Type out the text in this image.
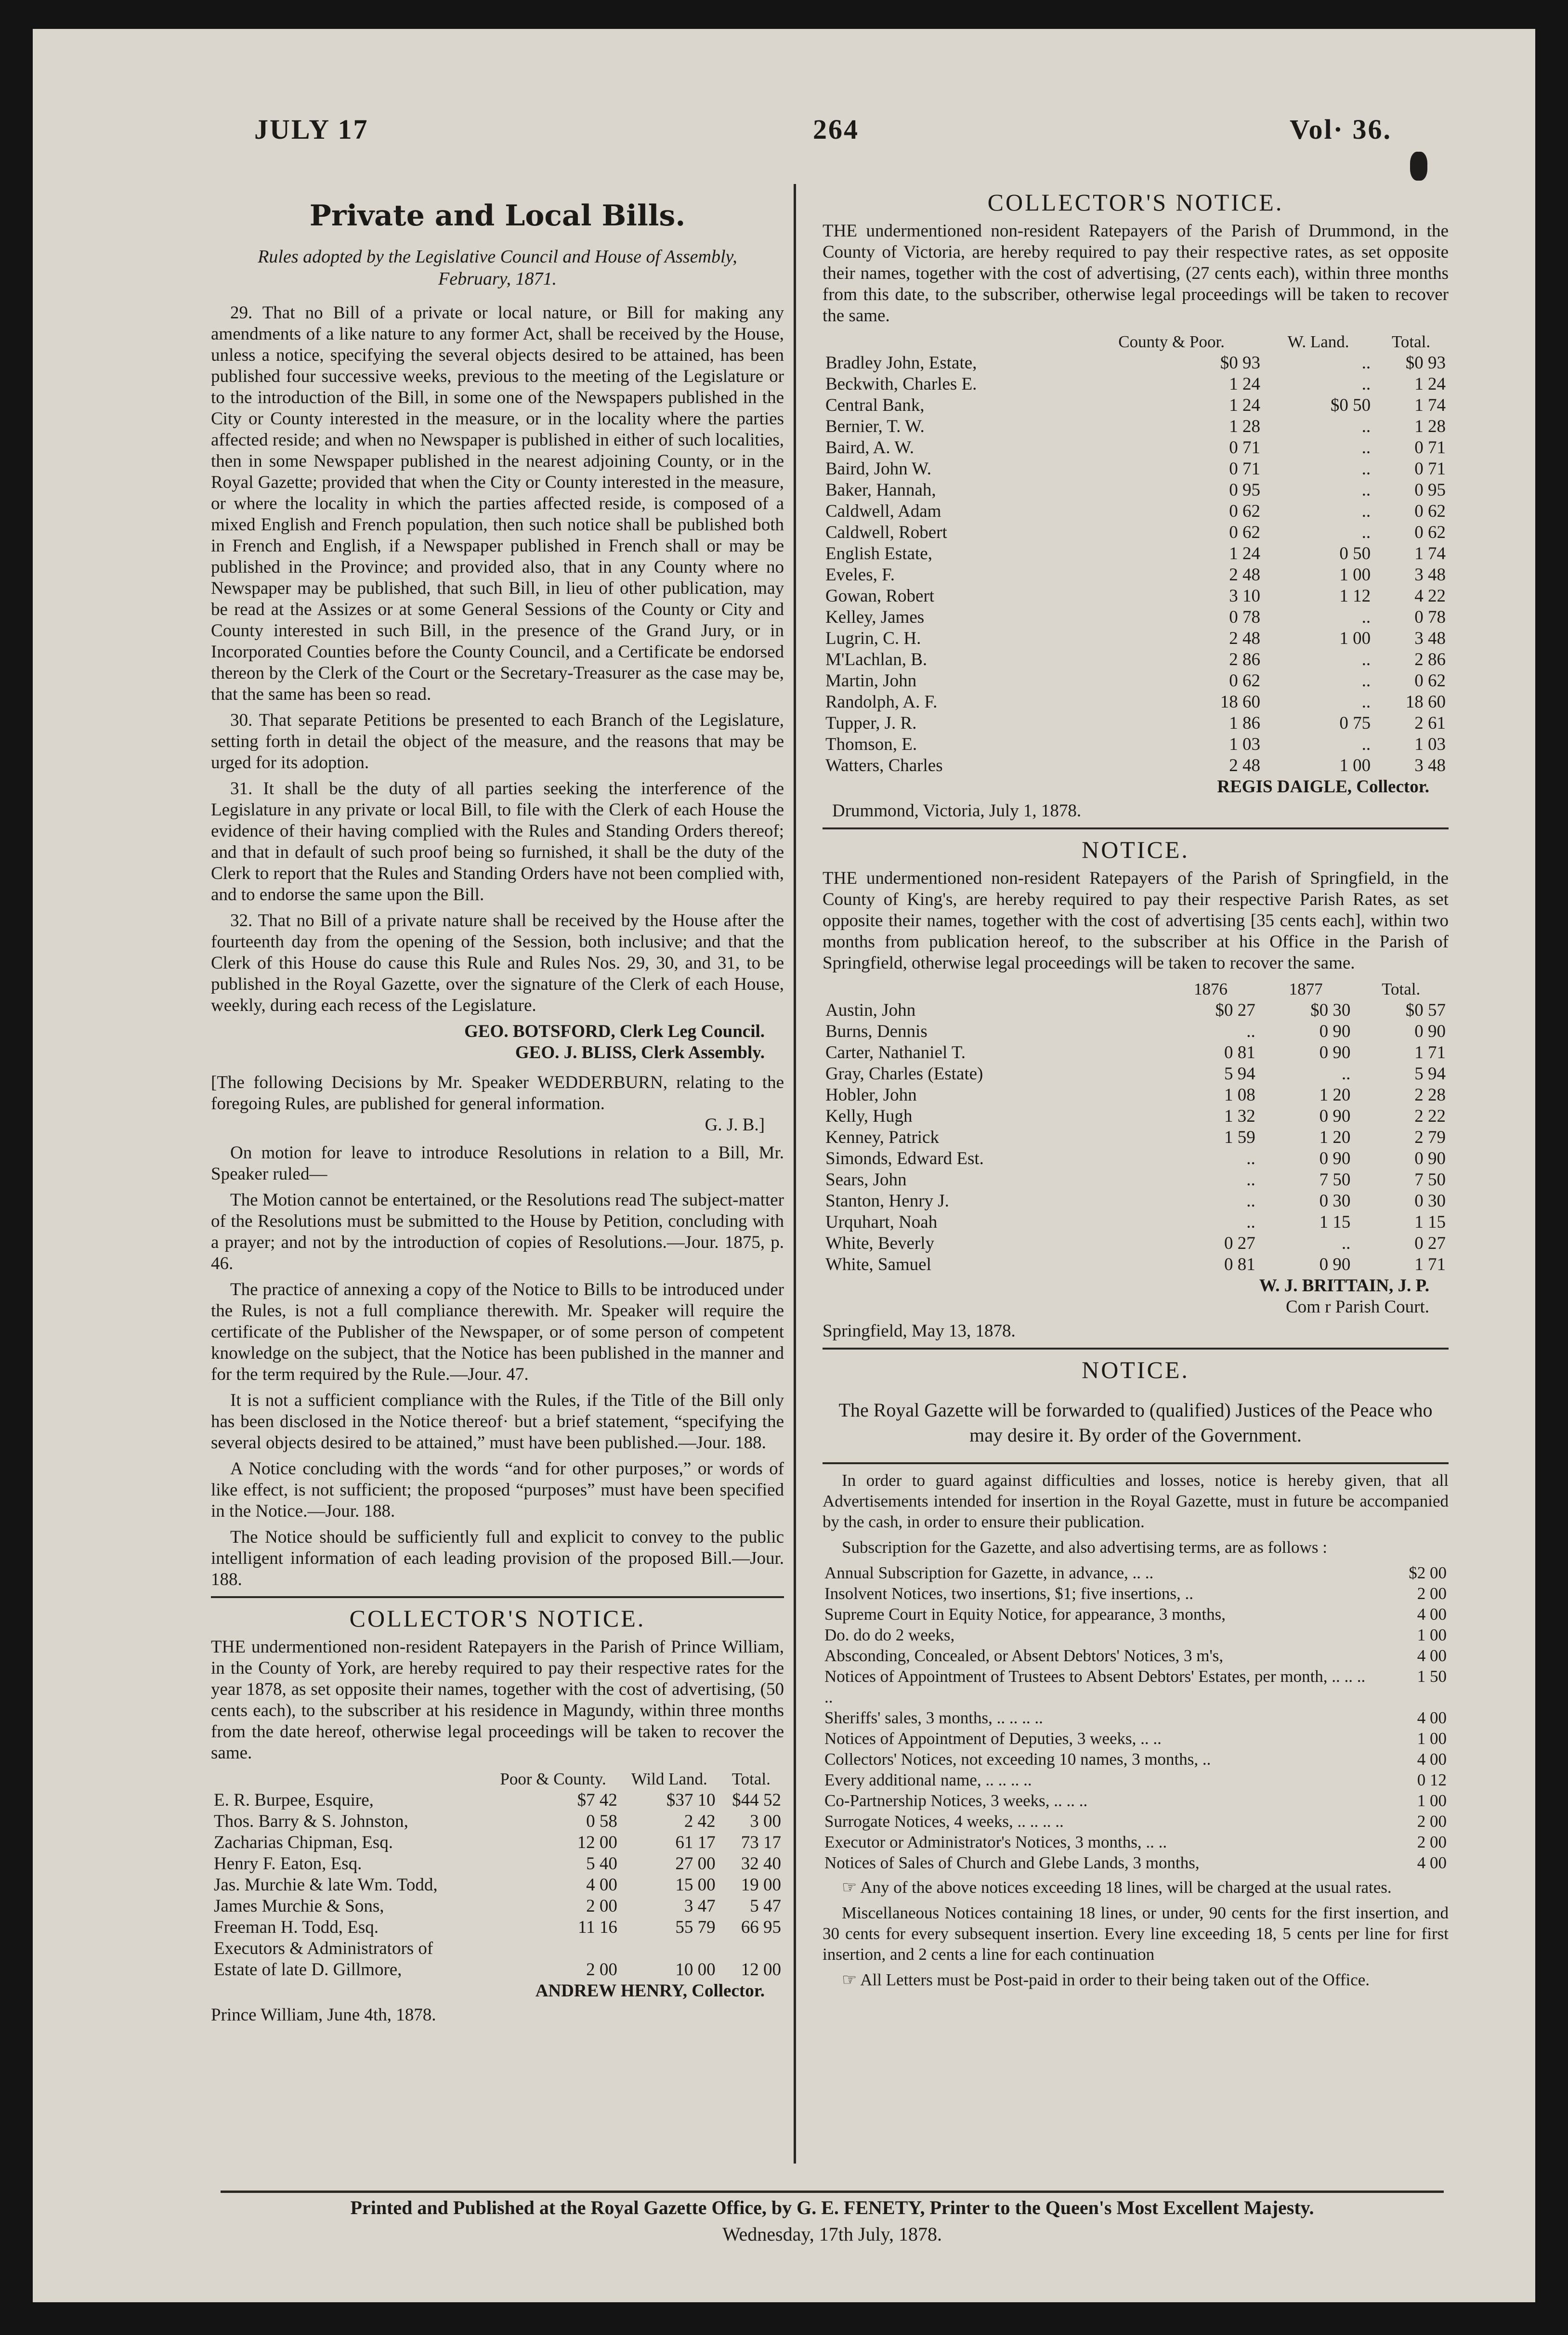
JULY 17	264	Vol· 36.
Private and Local Bills.
Rules adopted by the Legislative Council and House of Assembly, February, 1871.

29. That no Bill of a private or local nature, or Bill for making any amendments of a like nature to any former Act, shall be received by the House, unless a notice, specifying the several objects desired to be attained, has been published four successive weeks, previous to the meeting of the Legislature or to the introduction of the Bill, in some one of the Newspapers published in the City or County interested in the measure, or in the locality where the parties affected reside; and when no Newspaper is published in either of such localities, then in some Newspaper published in the nearest adjoining County, or in the Royal Gazette; provided that when the City or County interested in the measure, or where the locality in which the parties affected reside, is composed of a mixed English and French population, then such notice shall be published both in French and English, if a Newspaper published in French shall or may be published in the Province; and provided also, that in any County where no Newspaper may be published, that such Bill, in lieu of other publication, may be read at the Assizes or at some General Sessions of the County or City and County interested in such Bill, in the presence of the Grand Jury, or in Incorporated Counties before the County Council, and a Certificate be endorsed thereon by the Clerk of the Court or the Secretary-Treasurer as the case may be, that the same has been so read.

30. That separate Petitions be presented to each Branch of the Legislature, setting forth in detail the object of the measure, and the reasons that may be urged for its adoption.

31. It shall be the duty of all parties seeking the interference of the Legislature in any private or local Bill, to file with the Clerk of each House the evidence of their having complied with the Rules and Standing Orders thereof; and that in default of such proof being so furnished, it shall be the duty of the Clerk to report that the Rules and Standing Orders have not been complied with, and to endorse the same upon the Bill.

32. That no Bill of a private nature shall be received by the House after the fourteenth day from the opening of the Session, both inclusive; and that the Clerk of this House do cause this Rule and Rules Nos. 29, 30, and 31, to be published in the Royal Gazette, over the signature of the Clerk of each House, weekly, during each recess of the Legislature.

GEO. BOTSFORD, Clerk Leg Council.
GEO. J. BLISS, Clerk Assembly.

[The following Decisions by Mr. Speaker WEDDERBURN, relating to the foregoing Rules, are published for general information.

G. J. B.]

On motion for leave to introduce Resolutions in relation to a Bill, Mr. Speaker ruled—

The Motion cannot be entertained, or the Resolutions read The subject-matter of the Resolutions must be submitted to the House by Petition, concluding with a prayer; and not by the introduction of copies of Resolutions.—Jour. 1875, p. 46.

The practice of annexing a copy of the Notice to Bills to be introduced under the Rules, is not a full compliance therewith. Mr. Speaker will require the certificate of the Publisher of the Newspaper, or of some person of competent knowledge on the subject, that the Notice has been published in the manner and for the term required by the Rule.—Jour. 47.

It is not a sufficient compliance with the Rules, if the Title of the Bill only has been disclosed in the Notice thereof· but a brief statement, “specifying the several objects desired to be attained,” must have been published.—Jour. 188.

A Notice concluding with the words “and for other purposes,” or words of like effect, is not sufficient; the proposed “purposes” must have been specified in the Notice.—Jour. 188.

The Notice should be sufficiently full and explicit to convey to the public intelligent information of each leading provision of the proposed Bill.—Jour. 188.

COLLECTOR'S NOTICE.

THE undermentioned non-resident Ratepayers in the Parish of Prince William, in the County of York, are hereby required to pay their respective rates for the year 1878, as set opposite their names, together with the cost of advertising, (50 cents each), to the subscriber at his residence in Magundy, within three months from the date hereof, otherwise legal proceedings will be taken to recover the same.

	Poor & County.	Wild Land.	Total.
E. R. Burpee, Esquire,	$7 42	$37 10	$44 52
Thos. Barry & S. Johnston,	0 58	2 42	3 00
Zacharias Chipman, Esq.	12 00	61 17	73 17
Henry F. Eaton, Esq.	5 40	27 00	32 40
Jas. Murchie & late Wm. Todd,	4 00	15 00	19 00
James Murchie & Sons,	2 00	3 47	5 47
Freeman H. Todd, Esq.	11 16	55 79	66 95
Executors & Administrators of			
Estate of late D. Gillmore,	2 00	10 00	12 00
ANDREW HENRY, Collector.
Prince William, June 4th, 1878.
COLLECTOR'S NOTICE.

THE undermentioned non-resident Ratepayers of the Parish of Drummond, in the County of Victoria, are hereby required to pay their respective rates, as set opposite their names, together with the cost of advertising, (27 cents each), within three months from this date, to the subscriber, otherwise legal proceedings will be taken to recover the same.

	County & Poor.	W. Land.	Total.
Bradley John, Estate,	$0 93	..	$0 93
Beckwith, Charles E.	1 24	..	1 24
Central Bank,	1 24	$0 50	1 74
Bernier, T. W.	1 28	..	1 28
Baird, A. W.	0 71	..	0 71
Baird, John W.	0 71	..	0 71
Baker, Hannah,	0 95	..	0 95
Caldwell, Adam	0 62	..	0 62
Caldwell, Robert	0 62	..	0 62
English Estate,	1 24	0 50	1 74
Eveles, F.	2 48	1 00	3 48
Gowan, Robert	3 10	1 12	4 22
Kelley, James	0 78	..	0 78
Lugrin, C. H.	2 48	1 00	3 48
M'Lachlan, B.	2 86	..	2 86
Martin, John	0 62	..	0 62
Randolph, A. F.	18 60	..	18 60
Tupper, J. R.	1 86	0 75	2 61
Thomson, E.	1 03	..	1 03
Watters, Charles	2 48	1 00	3 48
REGIS DAIGLE, Collector.
Drummond, Victoria, July 1, 1878.
NOTICE.

THE undermentioned non-resident Ratepayers of the Parish of Springfield, in the County of King's, are hereby required to pay their respective Parish Rates, as set opposite their names, together with the cost of advertising [35 cents each], within two months from publication hereof, to the subscriber at his Office in the Parish of Springfield, otherwise legal proceedings will be taken to recover the same.

	1876	1877	Total.
Austin, John	$0 27	$0 30	$0 57
Burns, Dennis	..	0 90	0 90
Carter, Nathaniel T.	0 81	0 90	1 71
Gray, Charles (Estate)	5 94	..	5 94
Hobler, John	1 08	1 20	2 28
Kelly, Hugh	1 32	0 90	2 22
Kenney, Patrick	1 59	1 20	2 79
Simonds, Edward Est.	..	0 90	0 90
Sears, John	..	7 50	7 50
Stanton, Henry J.	..	0 30	0 30
Urquhart, Noah	..	1 15	1 15
White, Beverly	0 27	..	0 27
White, Samuel	0 81	0 90	1 71
W. J. BRITTAIN, J. P.
Com r Parish Court.
Springfield, May 13, 1878.
NOTICE.
The Royal Gazette will be forwarded to (qualified) Justices of the Peace who may desire it. By order of the Government.

In order to guard against difficulties and losses, notice is hereby given, that all Advertisements intended for insertion in the Royal Gazette, must in future be accompanied by the cash, in order to ensure their publication.

Subscription for the Gazette, and also advertising terms, are as follows :

Annual Subscription for Gazette, in advance, .. ..	$2 00
Insolvent Notices, two insertions, $1; five insertions, ..	2 00
Supreme Court in Equity Notice, for appearance, 3 months,	4 00
Do. do do 2 weeks,	1 00
Absconding, Concealed, or Absent Debtors' Notices, 3 m's,	4 00
Notices of Appointment of Trustees to Absent Debtors' Estates, per month, .. .. .. ..	1 50
Sheriffs' sales, 3 months, .. .. .. ..	4 00
Notices of Appointment of Deputies, 3 weeks, .. ..	1 00
Collectors' Notices, not exceeding 10 names, 3 months, ..	4 00
Every additional name, .. .. .. ..	0 12
Co-Partnership Notices, 3 weeks, .. .. ..	1 00
Surrogate Notices, 4 weeks, .. .. .. ..	2 00
Executor or Administrator's Notices, 3 months, .. ..	2 00
Notices of Sales of Church and Glebe Lands, 3 months,	4 00

☞ Any of the above notices exceeding 18 lines, will be charged at the usual rates.

Miscellaneous Notices containing 18 lines, or under, 90 cents for the first insertion, and 30 cents for every subsequent insertion. Every line exceeding 18, 5 cents per line for first insertion, and 2 cents a line for each continuation

☞ All Letters must be Post-paid in order to their being taken out of the Office.

Printed and Published at the Royal Gazette Office, by G. E. FENETY, Printer to the Queen's Most Excellent Majesty.
Wednesday, 17th July, 1878.
